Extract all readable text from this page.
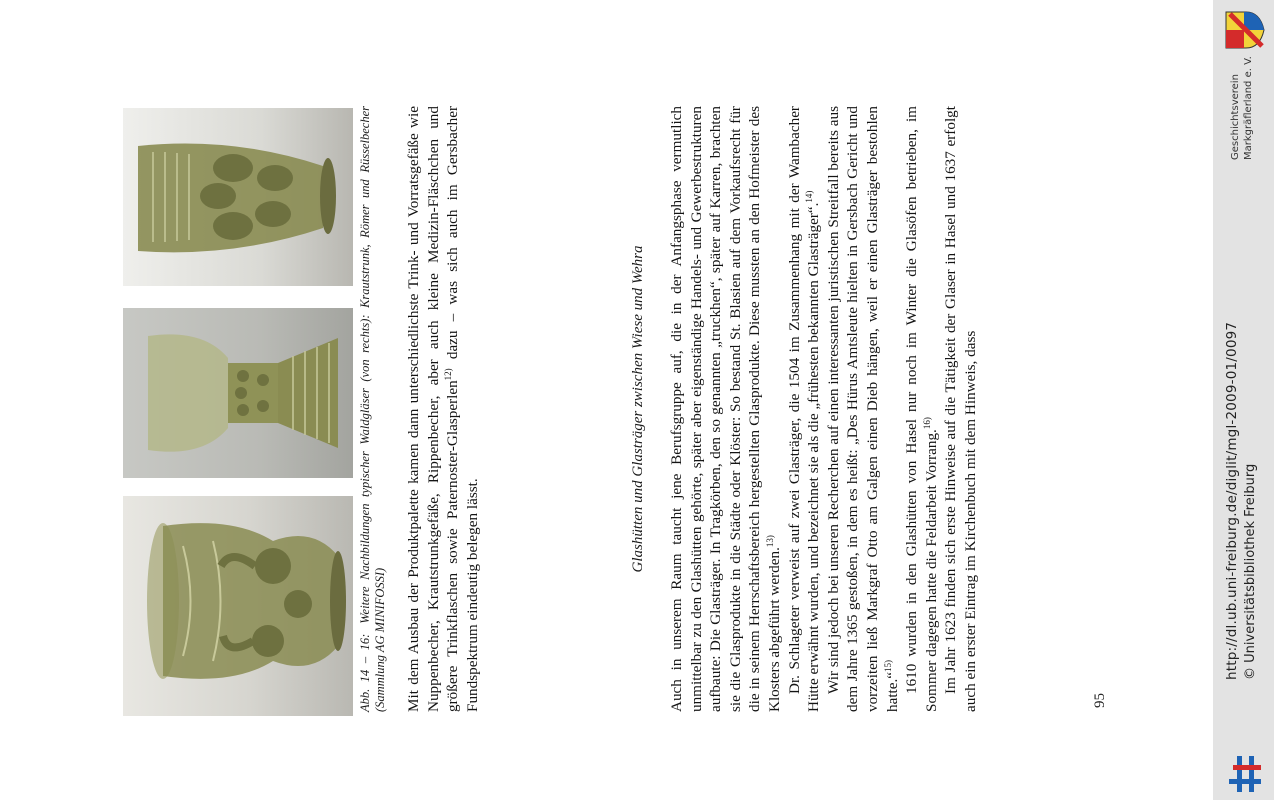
Abb. 14 – 16:Weitere Nachbildungen typischer Waldgläser (von rechts): Krautstrunk, Römer und Rüsselbecher (Sammlung AG MINIFOSSI) Mit dem Ausbau der Produktpalette kamen dann unterschiedlichste Trink- und Vorratsgefäße wie Nuppenbecher, Krautstrunkgefäße, Rippenbecher, aber auch kleine Medizin-Fläschchen und größere Trinkflaschen sowie Paternoster-Glasperlen$^{12)}$ dazu – was sich auch im Gersbacher Fundspektrum eindeutig belegen lässt.

Glashütten und Glasträger zwischen Wiese und Wehra Auch in unserem Raum taucht jene Berufsgruppe auf, die in der Anfangsphase vermutlich unmittelbar zu den Glashütten gehörte, später aber eigenständige Handels- und Gewerbestrukturen aufbaute: Die Glasträger. In Tragkörben, den so genannten „truckhen“, später auf Karren, brachten sie die Glasprodukte in die Städte oder Klöster: So bestand St. Blasien auf dem Vorkaufsrecht für die in seinem Herrschaftsbereich hergestellten Glasprodukte. Diese mussten an den Hofmeister des Klosters abgeführt werden.$^{13)}$ Dr. Schlageter verweist auf zwei Glasträger, die 1504 im Zusammenhang mit der Wambacher Hütte erwähnt wurden, und bezeichnet sie als die „frühesten bekannten Glasträger“.$^{14)}$ Wir sind jedoch bei unseren Recherchen auf einen interessanten juristischen Streitfall bereits aus dem Jahre 1365 gestoßen, in dem es heißt: „Des Hürus Amtsleute hielten in Gersbach Gericht und vorzeiten ließ Markgraf Otto am Galgen einen Dieb hängen, weil er einen Glasträger bestohlen hatte.“$^{15)}$ 1610 wurden in den Glashütten von Hasel nur noch im Winter die Glasöfen betrieben, im Sommer dagegen hatte die Feldarbeit Vorrang.$^{16)}$ Im Jahr 1623 finden sich erste Hinweise auf die Tätigkeit der Glaser in Hasel und 1637 erfolgt auch ein erster Eintrag im Kirchenbuch mit dem Hinweis, dass	95
http://dl.ub.uni-freiburg.de/diglit/mgl-2009-01/0097 © Universitätsbibliothek Freiburg
Geschichtsverein Markgräflerland e. V.
